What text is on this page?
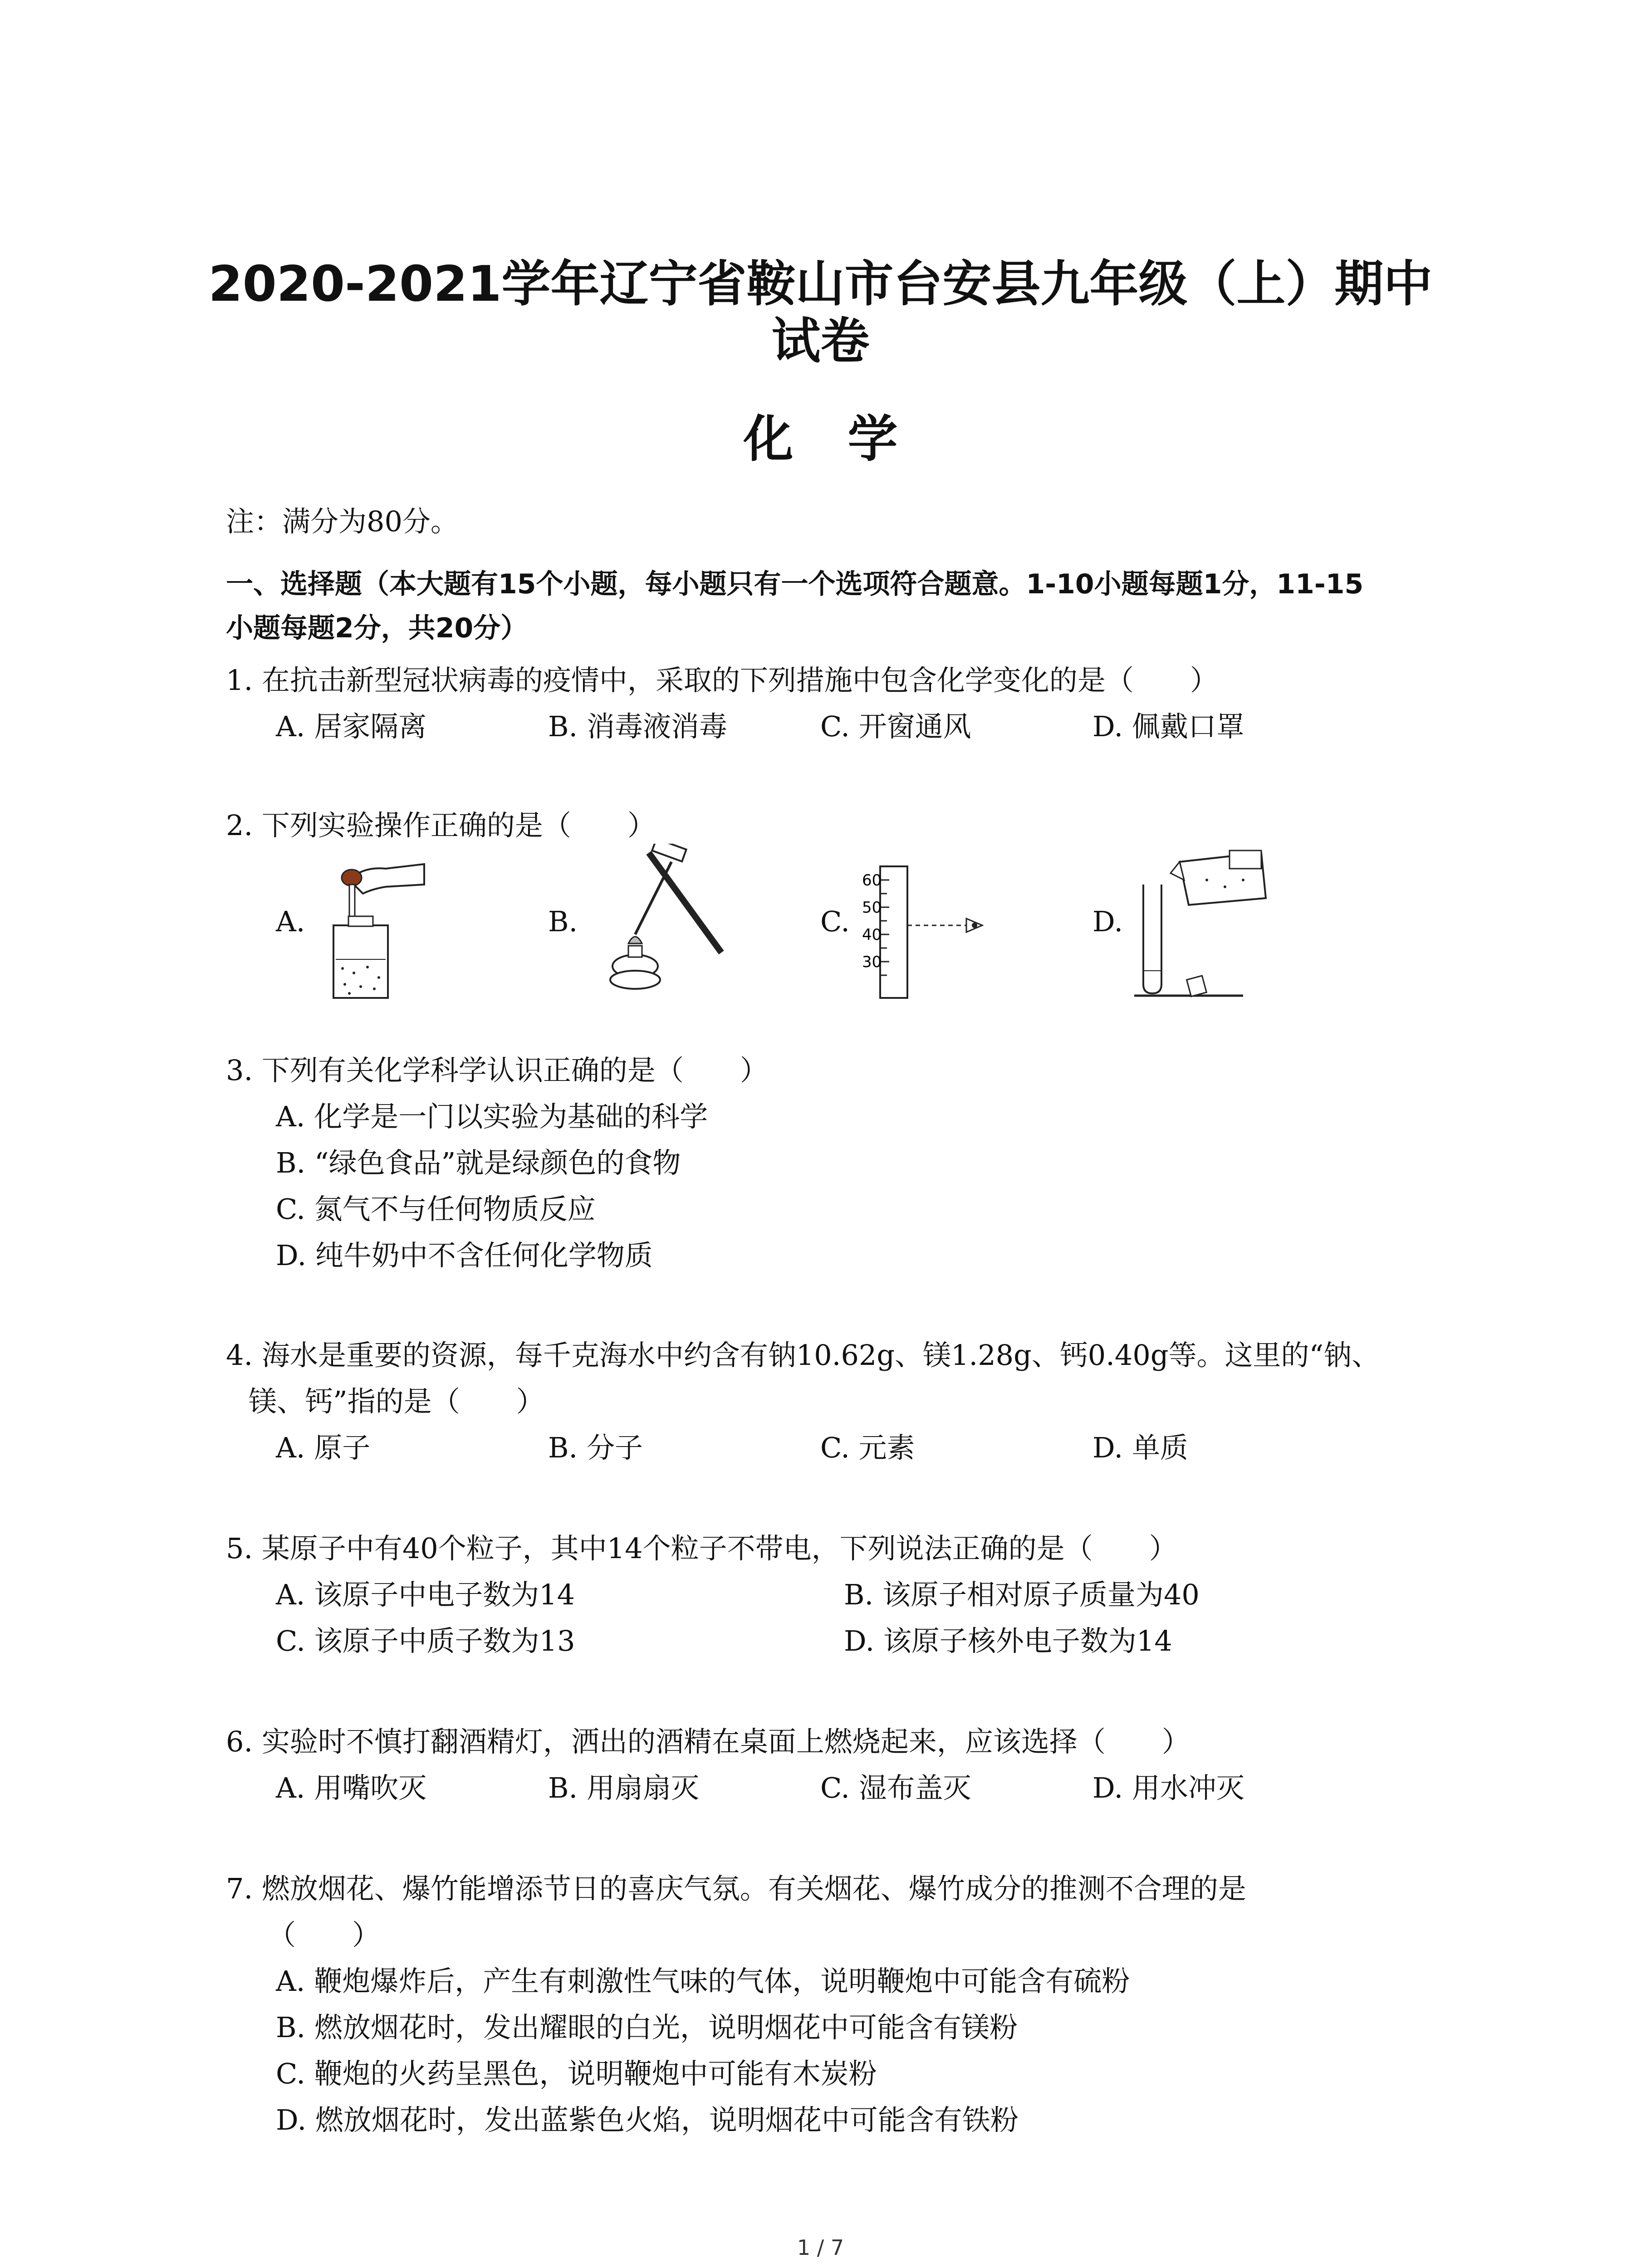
2020-2021学年辽宁省鞍山市台安县九年级（上）期中
试卷
化学
注：满分为80分。
一、选择题（本大题有15个小题，每小题只有一个选项符合题意。1-10小题每题1分，11-15
小题每题2分，共20分）
1. 在抗击新型冠状病毒的疫情中，采取的下列措施中包含化学变化的是（　　）
A. 居家隔离	B. 消毒液消毒	C. 开窗通风	D. 佩戴口罩
2. 下列实验操作正确的是（　　）
A.	B.	C.	D.
60
50
40
30
3. 下列有关化学科学认识正确的是（　　）
A. 化学是一门以实验为基础的科学
B. “绿色食品”就是绿颜色的食物
C. 氮气不与任何物质反应
D. 纯牛奶中不含任何化学物质
4. 海水是重要的资源，每千克海水中约含有钠10.62g、镁1.28g、钙0.40g等。这里的“钠、
镁、钙”指的是（　　）
A. 原子	B. 分子	C. 元素	D. 单质
5. 某原子中有40个粒子，其中14个粒子不带电，下列说法正确的是（　　）
A. 该原子中电子数为14	B. 该原子相对原子质量为40
C. 该原子中质子数为13	D. 该原子核外电子数为14
6. 实验时不慎打翻酒精灯，洒出的酒精在桌面上燃烧起来，应该选择（　　）
A. 用嘴吹灭	B. 用扇扇灭	C. 湿布盖灭	D. 用水冲灭
7. 燃放烟花、爆竹能增添节日的喜庆气氛。有关烟花、爆竹成分的推测不合理的是
（　　）
A. 鞭炮爆炸后，产生有刺激性气味的气体，说明鞭炮中可能含有硫粉
B. 燃放烟花时，发出耀眼的白光，说明烟花中可能含有镁粉
C. 鞭炮的火药呈黑色，说明鞭炮中可能有木炭粉
D. 燃放烟花时，发出蓝紫色火焰，说明烟花中可能含有铁粉
1 / 7
